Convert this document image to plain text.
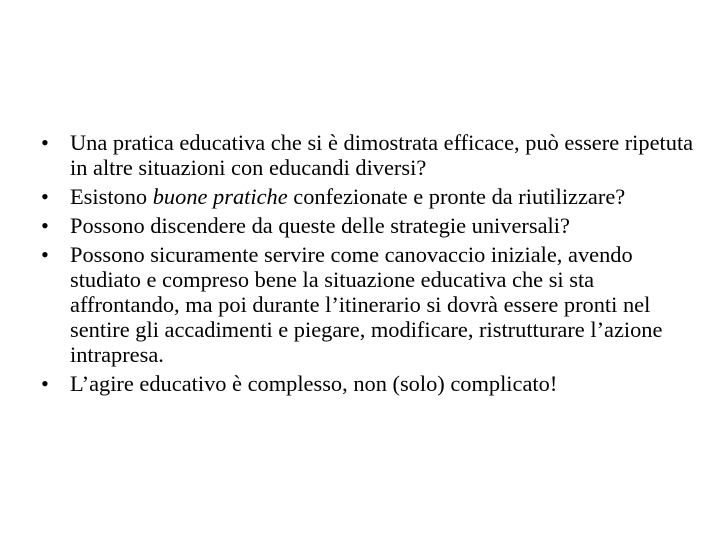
• Una pratica educativa che si è dimostrata efficace, può essere ripetuta in altre situazioni con educandi diversi?
• Esistono buone pratiche confezionate e pronte da riutilizzare?
• Possono discendere da queste delle strategie universali?
• Possono sicuramente servire come canovaccio iniziale, avendo studiato e compreso bene la situazione educativa che si sta affrontando, ma poi durante l’itinerario si dovrà essere pronti nel sentire gli accadimenti e piegare, modificare, ristrutturare l’azione intrapresa.
• L’agire educativo è complesso, non (solo) complicato!
